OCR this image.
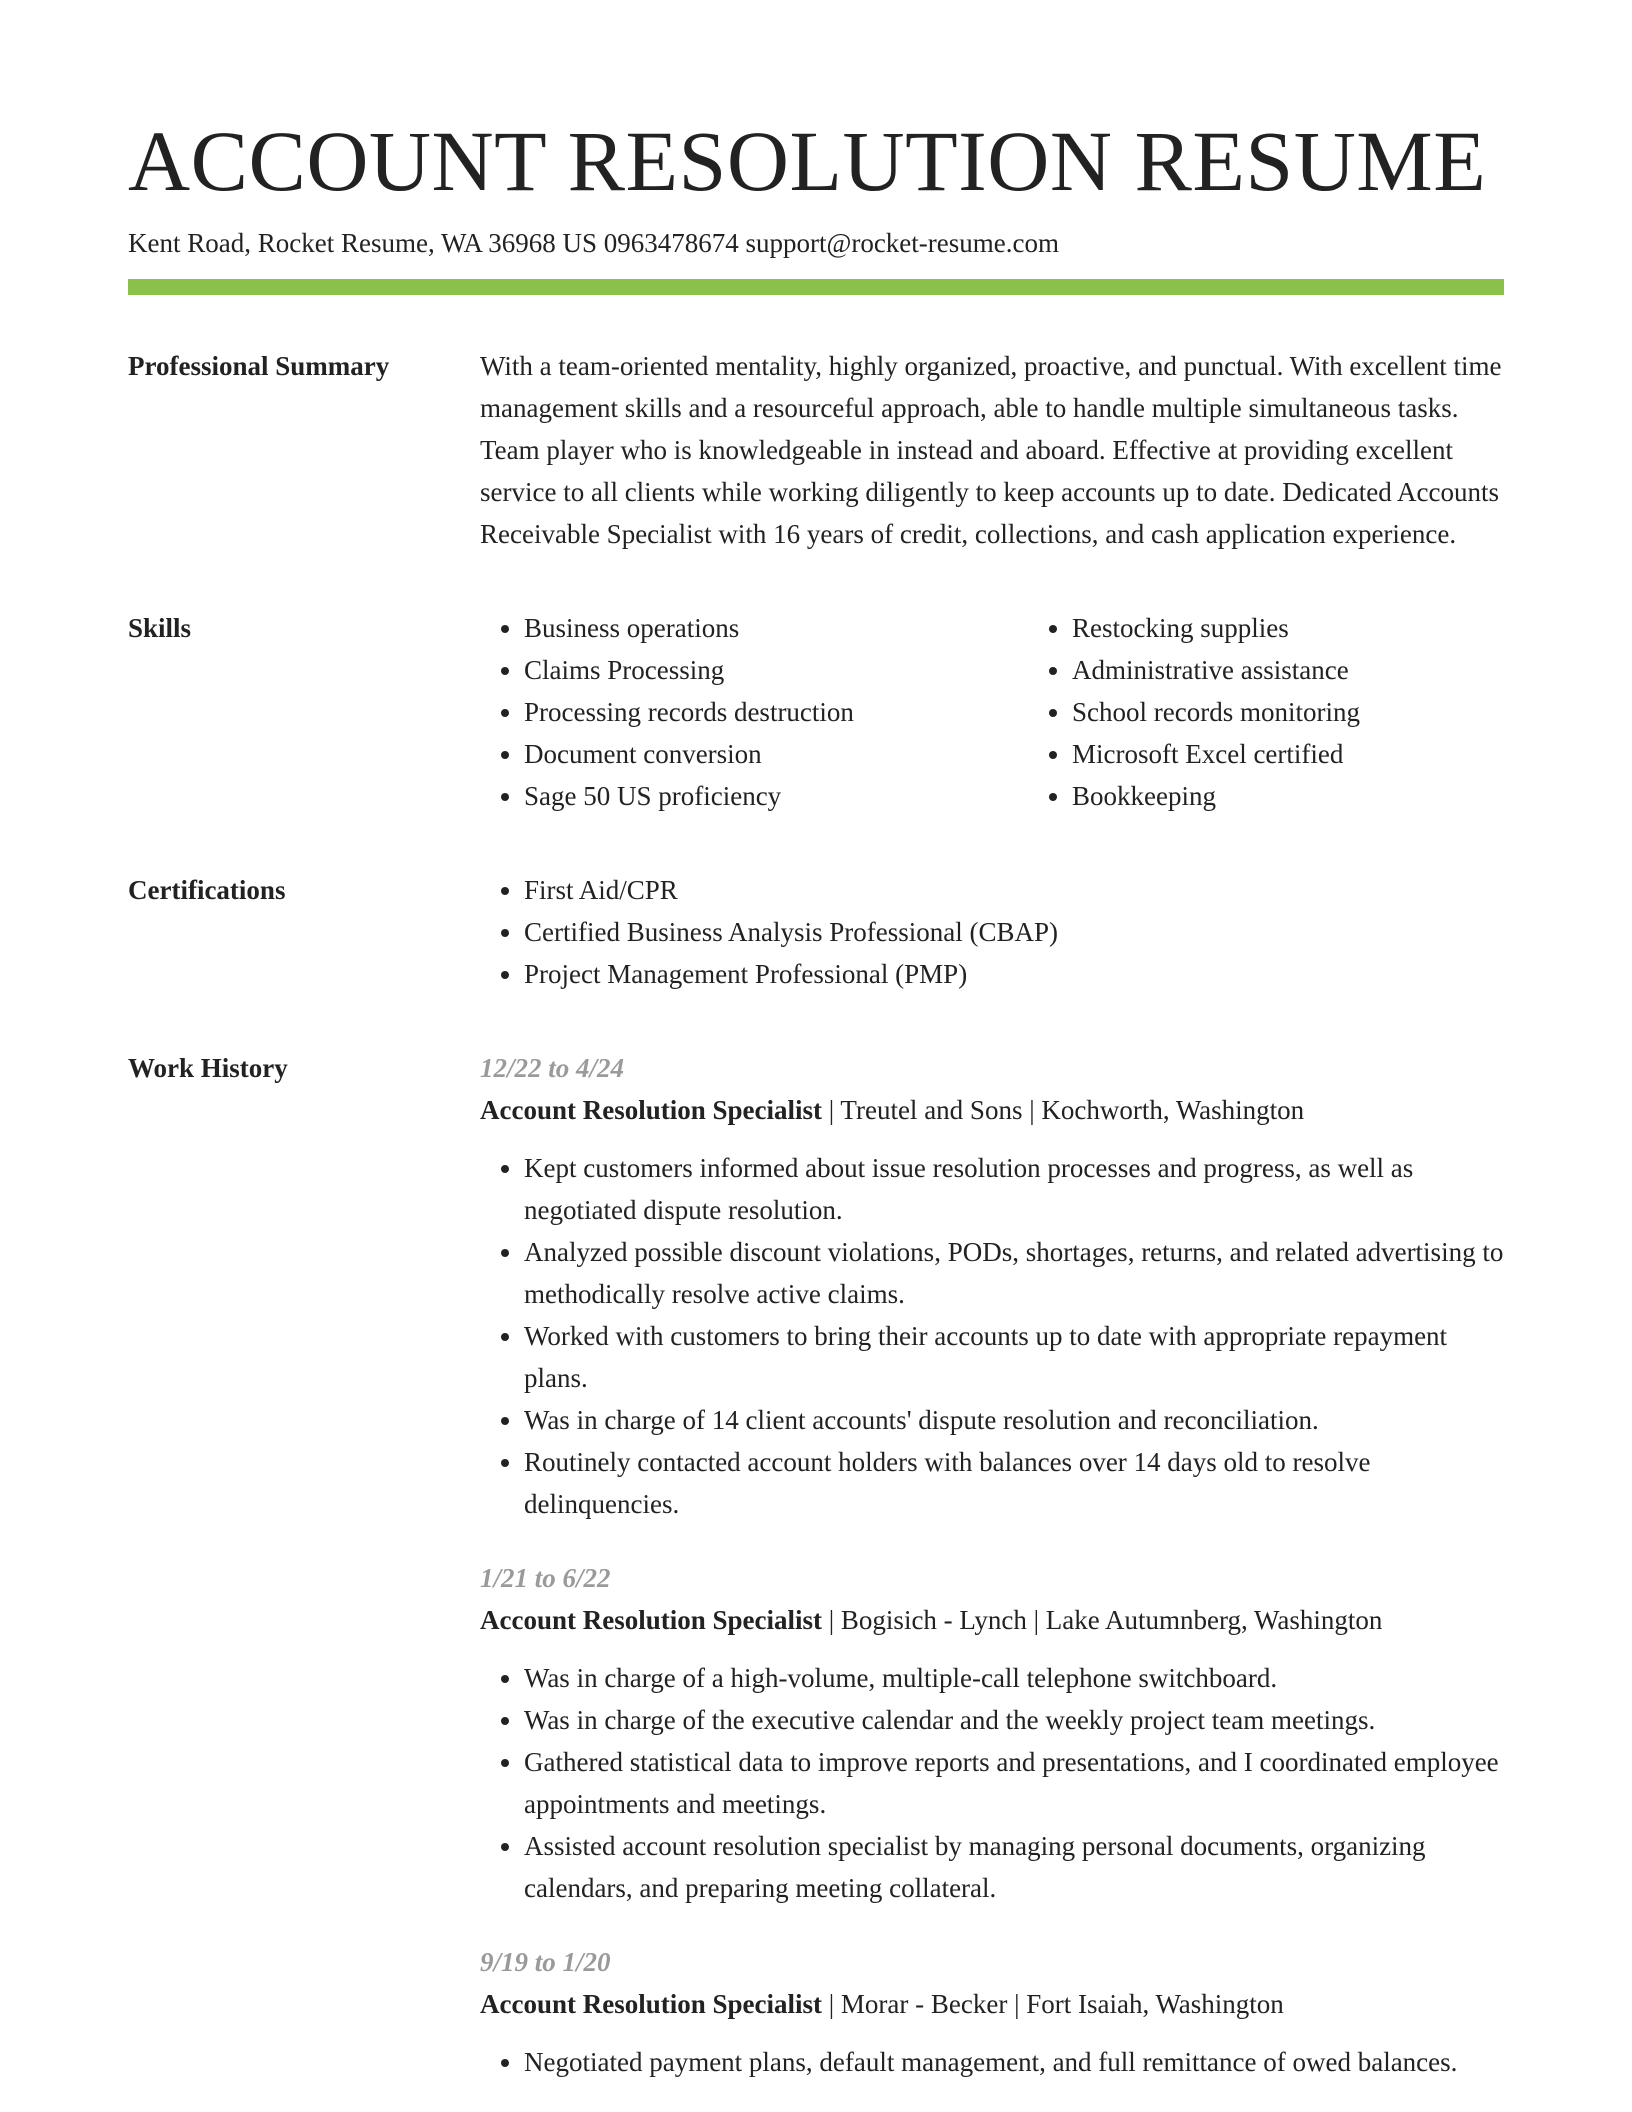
ACCOUNT RESOLUTION RESUME
Kent Road, Rocket Resume, WA 36968 US 0963478674 support@rocket-resume.com
Professional Summary	With a team-oriented mentality, highly organized, proactive, and punctual. With excellent time management skills and a resourceful approach, able to handle multiple simultaneous tasks. Team player who is knowledgeable in instead and aboard. Effective at providing excellent service to all clients while working diligently to keep accounts up to date. Dedicated Accounts Receivable Specialist with 16 years of credit, collections, and cash application experience.

Skills	• Business operations
• Claims Processing
• Processing records destruction
• Document conversion
• Sage 50 US proficiency
• Restocking supplies
• Administrative assistance
• School records monitoring
• Microsoft Excel certified
• Bookkeeping
Certifications	• First Aid/CPR
• Certified Business Analysis Professional (CBAP)
• Project Management Professional (PMP)
Work History	12/22 to 4/24
Account Resolution Specialist | Treutel and Sons | Kochworth, Washington
• Kept customers informed about issue resolution processes and progress, as well as negotiated dispute resolution.
• Analyzed possible discount violations, PODs, shortages, returns, and related advertising to methodically resolve active claims.
• Worked with customers to bring their accounts up to date with appropriate repayment plans.
• Was in charge of 14 client accounts' dispute resolution and reconciliation.
• Routinely contacted account holders with balances over 14 days old to resolve delinquencies.
1/21 to 6/22
Account Resolution Specialist | Bogisich - Lynch | Lake Autumnberg, Washington
• Was in charge of a high-volume, multiple-call telephone switchboard.
• Was in charge of the executive calendar and the weekly project team meetings.
• Gathered statistical data to improve reports and presentations, and I coordinated employee appointments and meetings.
• Assisted account resolution specialist by managing personal documents, organizing calendars, and preparing meeting collateral.
9/19 to 1/20
Account Resolution Specialist | Morar - Becker | Fort Isaiah, Washington
• Negotiated payment plans, default management, and full remittance of owed balances.
